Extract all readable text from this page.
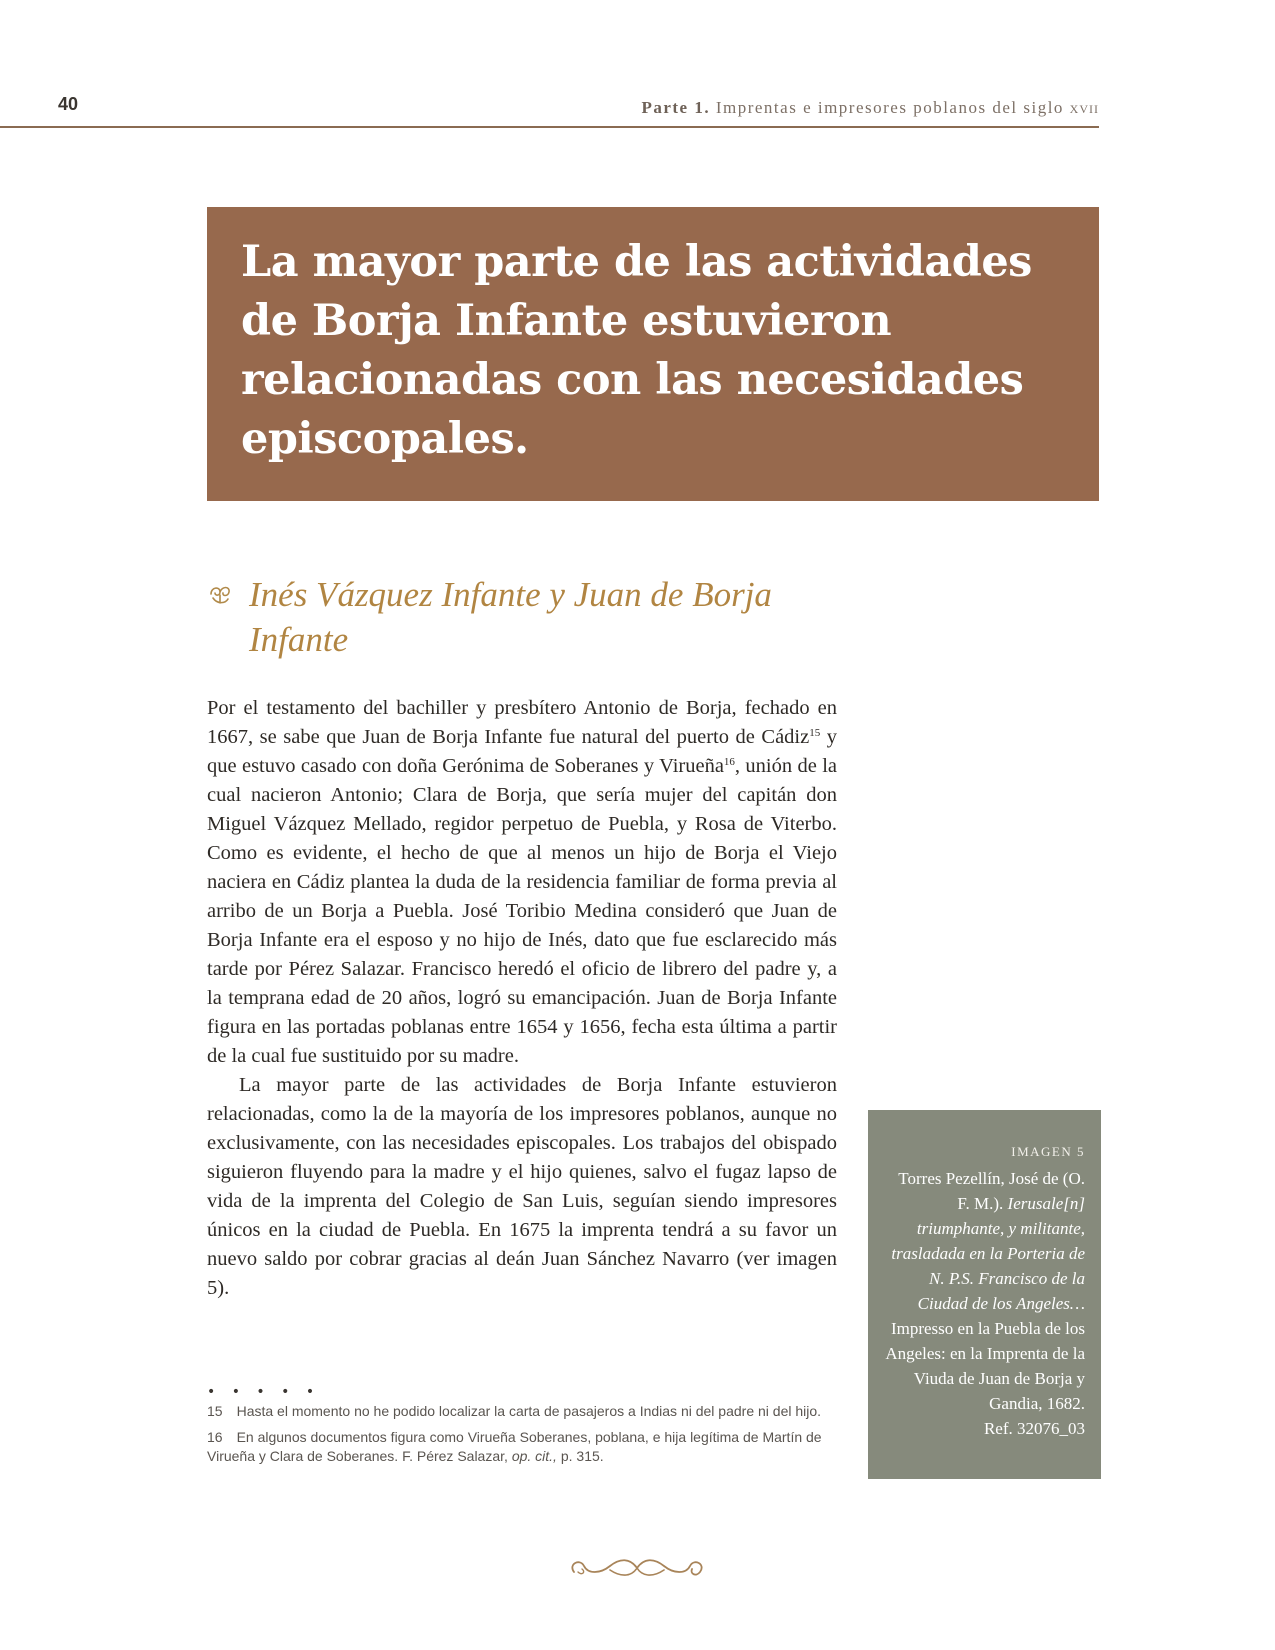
40	Parte 1. Imprentas e impresores poblanos del siglo XVII

La mayor parte de las actividades de Borja Infante estuvieron relacionadas con las necesidades episcopales.

Inés Vázquez Infante y Juan de Borja Infante

Por el testamento del bachiller y presbítero Antonio de Borja, fechado en 1667, se sabe que Juan de Borja Infante fue natural del puerto de Cádiz$^{15}$ y que estuvo casado con doña Gerónima de Soberanes y Virueña$^{16}$, unión de la cual nacieron Antonio; Clara de Borja, que sería mujer del capitán don Miguel Vázquez Mellado, regidor perpetuo de Puebla, y Rosa de Viterbo. Como es evidente, el hecho de que al menos un hijo de Borja el Viejo naciera en Cádiz plantea la duda de la residencia familiar de forma previa al arribo de un Borja a Puebla. José Toribio Medina consideró que Juan de Borja Infante era el esposo y no hijo de Inés, dato que fue esclarecido más tarde por Pérez Salazar. Francisco heredó el oficio de librero del padre y, a la temprana edad de 20 años, logró su emancipación. Juan de Borja Infante figura en las portadas poblanas entre 1654 y 1656, fecha esta última a partir de la cual fue sustituido por su madre.

La mayor parte de las actividades de Borja Infante estuvieron relacionadas, como la de la mayoría de los impresores poblanos, aunque no exclusivamente, con las necesidades episcopales. Los trabajos del obispado siguieron fluyendo para la madre y el hijo quienes, salvo el fugaz lapso de vida de la imprenta del Colegio de San Luis, seguían siendo impresores únicos en la ciudad de Puebla. En 1675 la imprenta tendrá a su favor un nuevo saldo por cobrar gracias al deán Juan Sánchez Navarro (ver imagen 5).

• • • • •

15 Hasta el momento no he podido localizar la carta de pasajeros a Indias ni del padre ni del hijo.

16 En algunos documentos figura como Virueña Soberanes, poblana, e hija legítima de Martín de Virueña y Clara de Soberanes. F. Pérez Salazar, op. cit., p. 315.

IMAGEN 5
Torres Pezellín, José de (O. F. M.). Ierusale[n] triumphante, y militante, trasladada en la Porteria de N. P.S. Francisco de la Ciudad de los Angeles… Impresso en la Puebla de los Angeles: en la Imprenta de la Viuda de Juan de Borja y Gandia, 1682.
Ref. 32076_03
